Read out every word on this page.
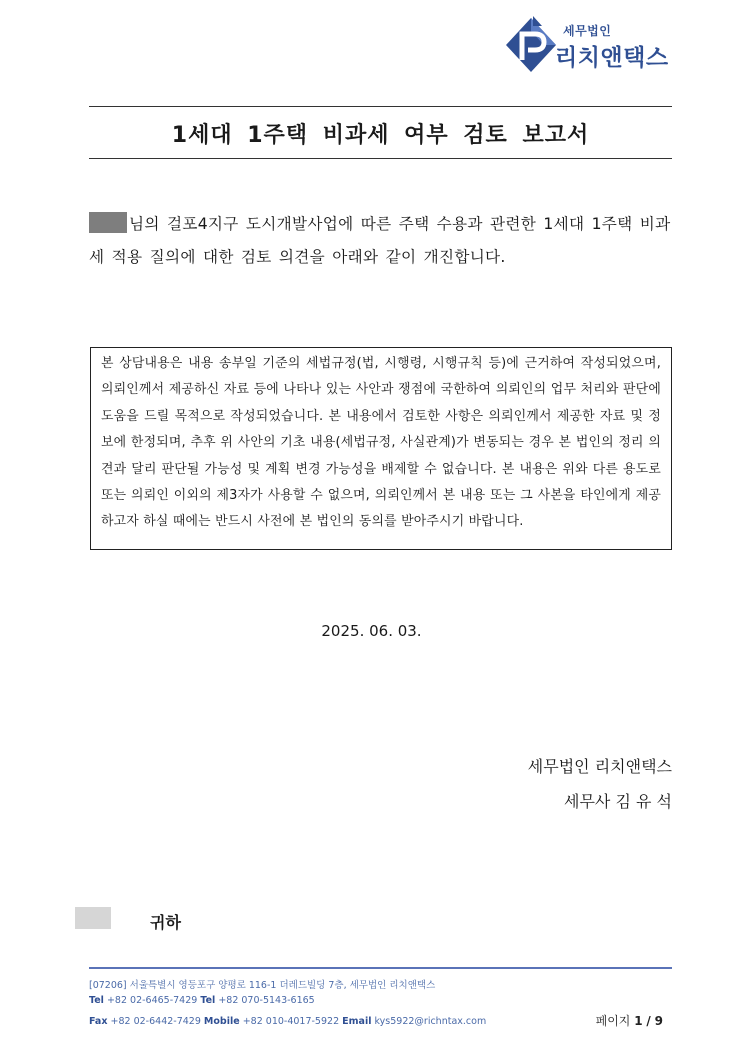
세무법인
리치앤택스
1세대 1주택 비과세 여부 검토 보고서
님의 걸포4지구 도시개발사업에 따른 주택 수용과 관련한 1세대 1주택 비과세 적용 질의에 대한 검토 의견을 아래와 같이 개진합니다.
본 상담내용은 내용 송부일 기준의 세법규정(법, 시행령, 시행규칙 등)에 근거하여 작성되었으며, 의뢰인께서 제공하신 자료 등에 나타나 있는 사안과 쟁점에 국한하여 의뢰인의 업무 처리와 판단에 도움을 드릴 목적으로 작성되었습니다. 본 내용에서 검토한 사항은 의뢰인께서 제공한 자료 및 정보에 한정되며, 추후 위 사안의 기초 내용(세법규정, 사실관계)가 변동되는 경우 본 법인의 정리 의견과 달리 판단될 가능성 및 계획 변경 가능성을 배제할 수 없습니다. 본 내용은 위와 다른 용도로 또는 의뢰인 이외의 제3자가 사용할 수 없으며, 의뢰인께서 본 내용 또는 그 사본을 타인에게 제공하고자 하실 때에는 반드시 사전에 본 법인의 동의를 받아주시기 바랍니다.
2025. 06. 03.
세무법인 리치앤택스
세무사 김 유 석
귀하
[07206] 서울특별시 영등포구 양평로 116-1 더레드빌딩 7층, 세무법인 리치앤택스
Tel +82 02-6465-7429 Tel +82 070-5143-6165
Fax +82 02-6442-7429 Mobile +82 010-4017-5922 Email kys5922@richntax.com	페이지 1 / 9
